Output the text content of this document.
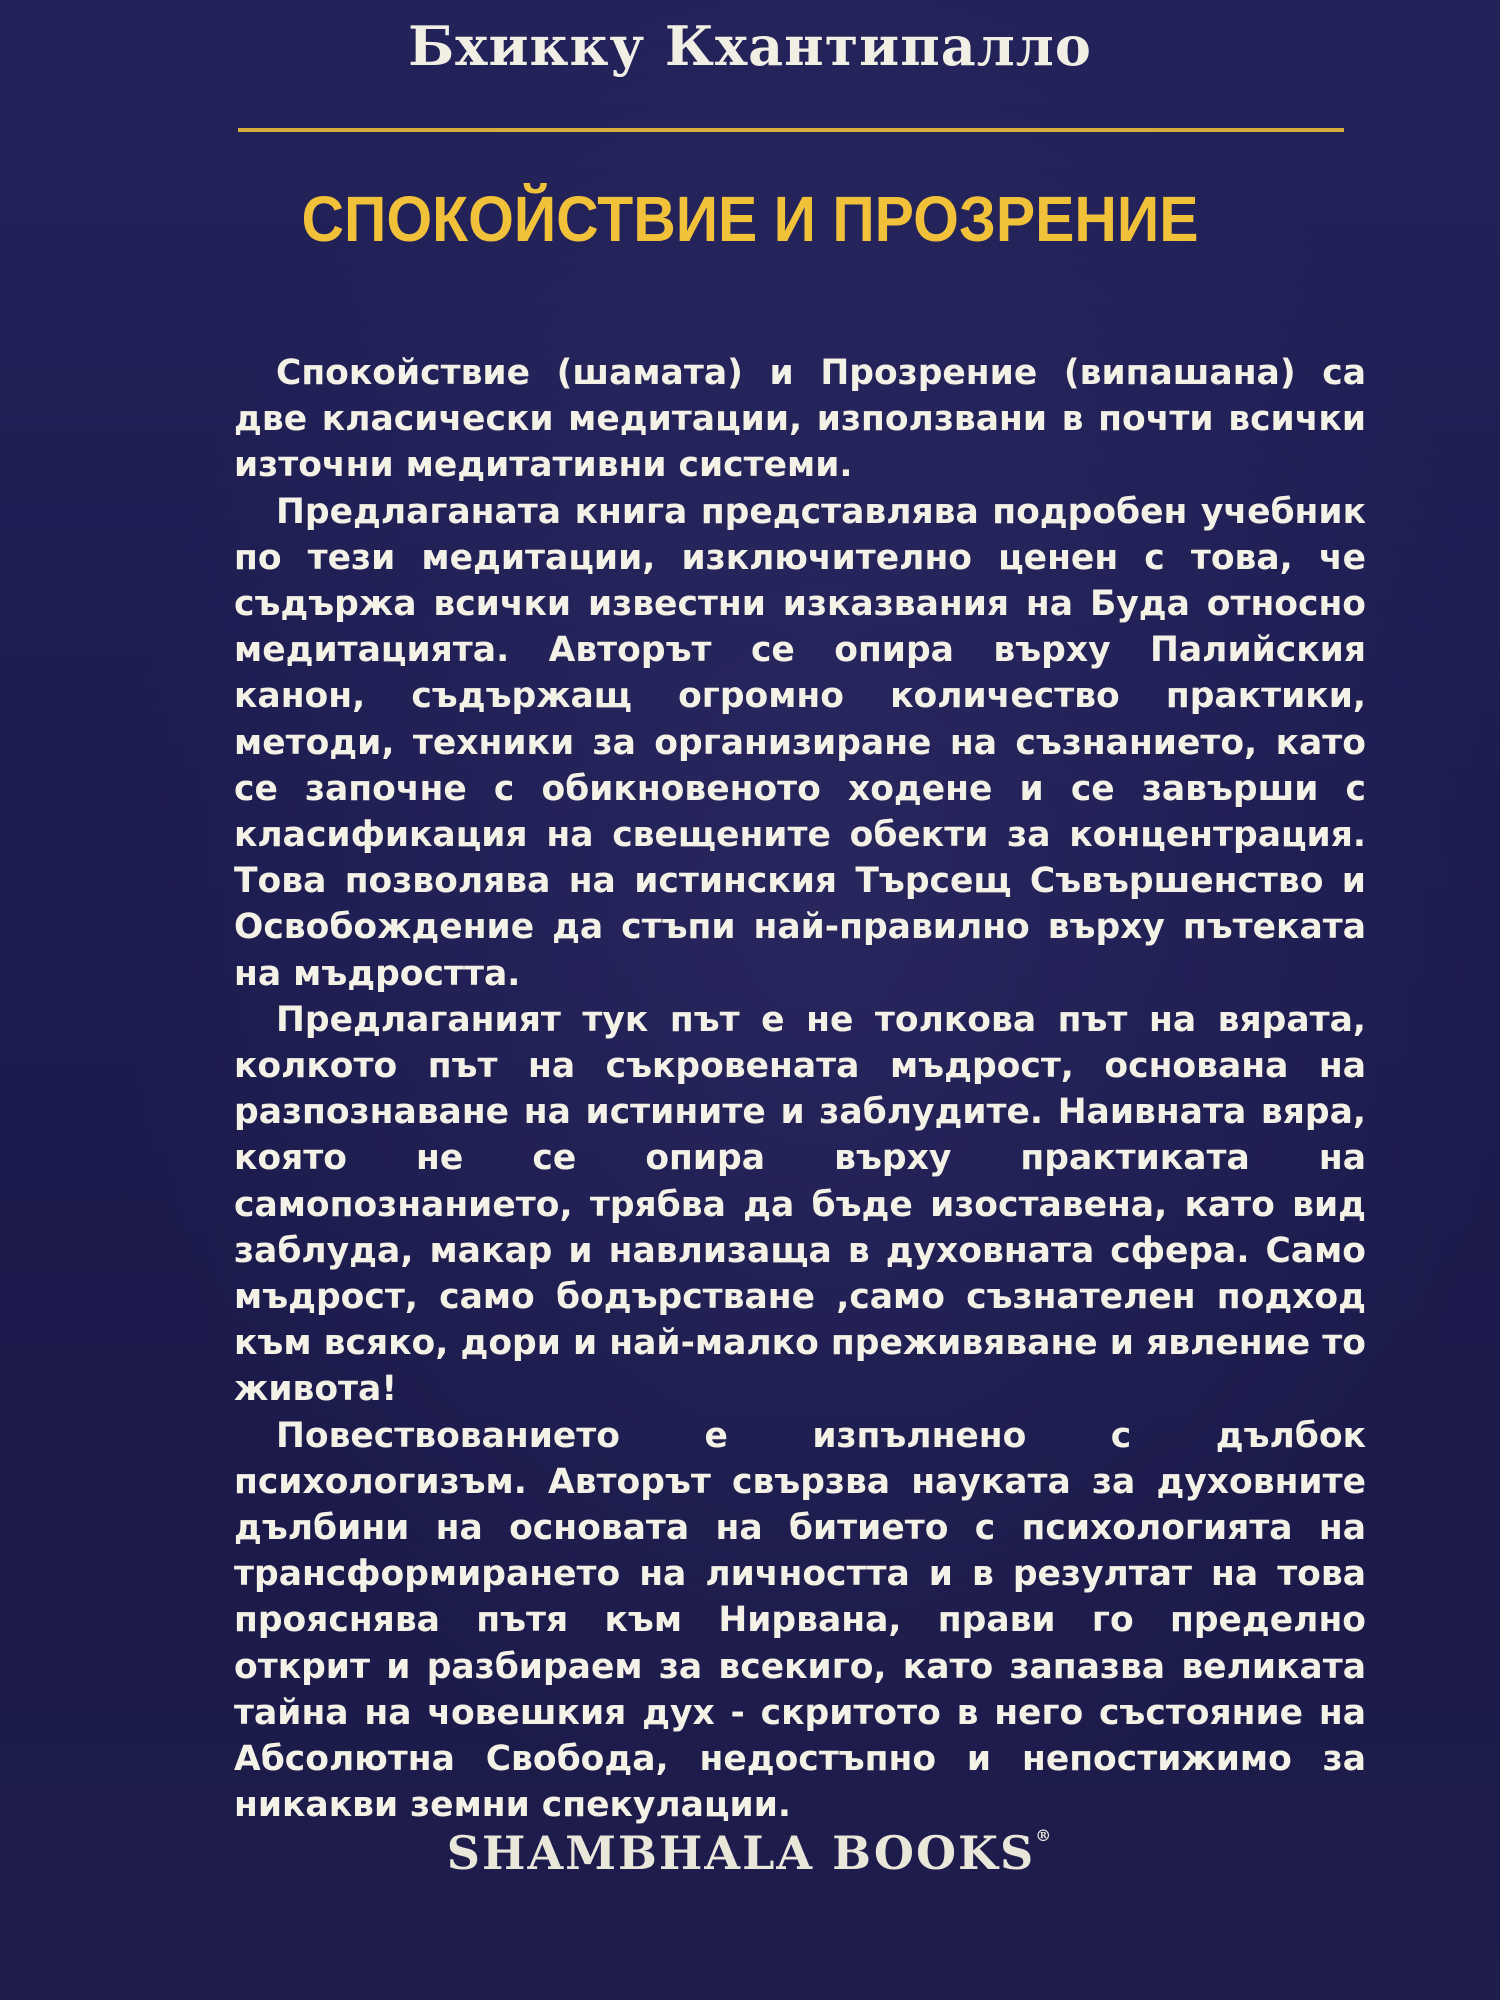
Бхикку Кхантипалло
СПОКОЙСТВИЕ И ПРОЗРЕНИЕ

Спокойствие (шамата) и Прозрение (випашана) са две класически медитации, използвани в почти всички източни медитативни системи.

Предлаганата книга представлява подробен учебник по тези медитации, изключително ценен с това, че съдържа всички известни изказвания на Буда относно медитацията. Авторът се опира върху Палийския канон, съдържащ огромно количество практики, методи, техники за организиране на съзнанието, като се започне с обикновеното ходене и се завърши с класификация на свещените обекти за концентрация. Това позволява на истинския Търсещ Съвършенство и Освобождение да стъпи най-правилно върху пътеката на мъдростта.

Предлаганият тук път е не толкова път на вярата, колкото път на съкровената мъдрост, основана на разпознаване на истините и заблудите. Наивната вяра, която не се опира върху практиката на самопознанието, трябва да бъде изоставена, като вид заблуда, макар и навлизаща в духовната сфера. Само мъдрост, само бодърстване ,само съзнателен подход към всяко, дори и най-малко преживяване и явление то живота!

Повествованието е изпълнено с дълбок психологизъм. Авторът свързва науката за духовните дълбини на основата на битието с психологията на трансформирането на личността и в резултат на това прояснява пътя към Нирвана, прави го пределно открит и разбираем за всекиго, като запазва великата тайна на човешкия дух - скритото в него състояние на Абсолютна Свобода, недостъпно и непостижимо за никакви земни спекулации.

SHAMBHALA BOOKS®
